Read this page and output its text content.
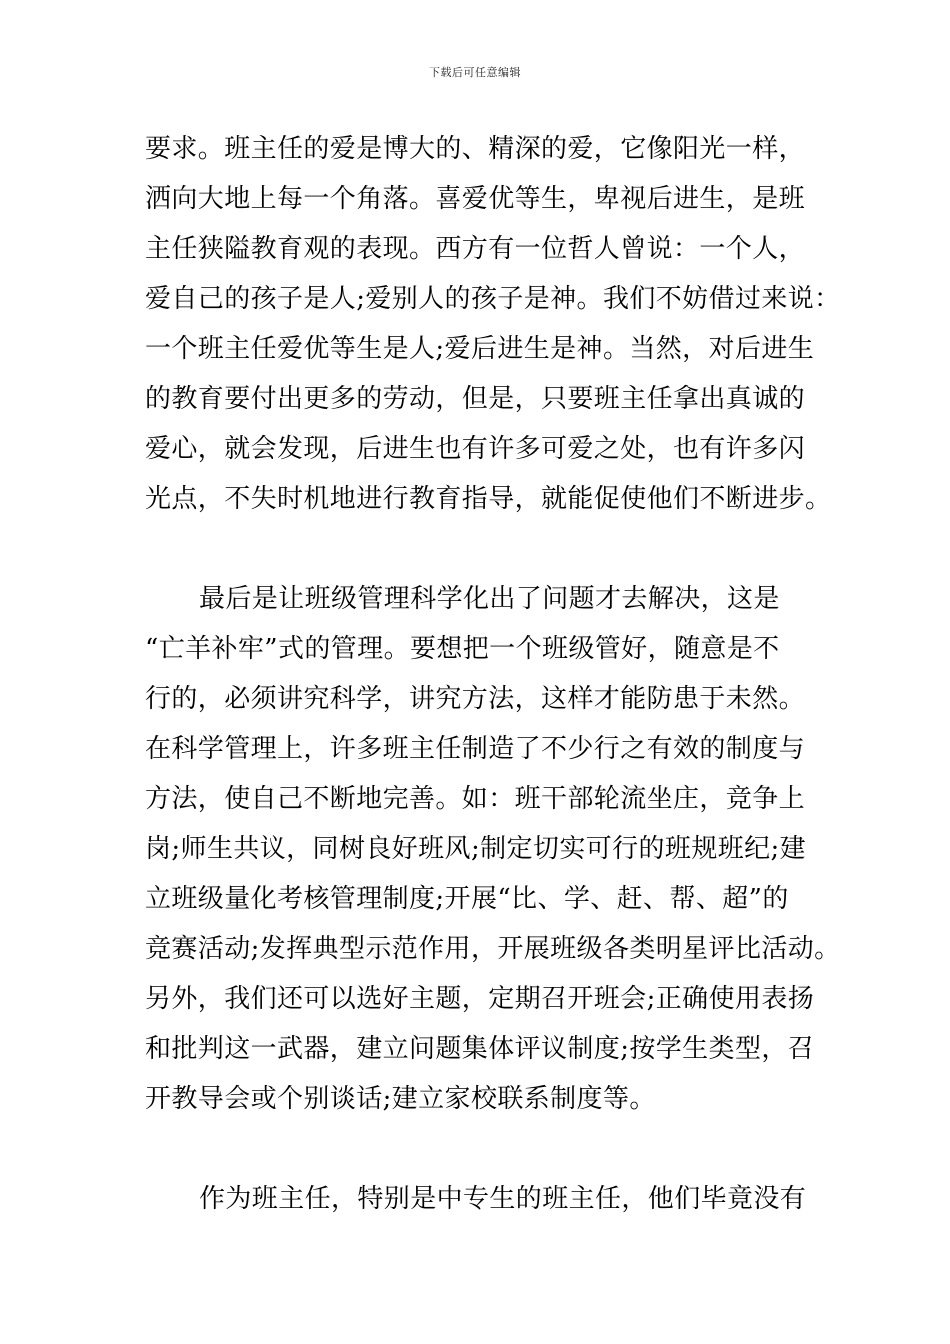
下载后可任意编辑
要求。班主任的爱是博大的、精深的爱，它像阳光一样，
洒向大地上每一个角落。喜爱优等生，卑视后进生，是班
主任狭隘教育观的表现。西方有一位哲人曾说：一个人，
爱自己的孩子是人;爱别人的孩子是神。我们不妨借过来说：
一个班主任爱优等生是人;爱后进生是神。当然，对后进生
的教育要付出更多的劳动，但是，只要班主任拿出真诚的
爱心，就会发现，后进生也有许多可爱之处，也有许多闪
光点，不失时机地进行教育指导，就能促使他们不断进步。
最后是让班级管理科学化出了问题才去解决，这是
“亡羊补牢”式的管理。要想把一个班级管好，随意是不
行的，必须讲究科学，讲究方法，这样才能防患于未然。
在科学管理上，许多班主任制造了不少行之有效的制度与
方法，使自己不断地完善。如：班干部轮流坐庄，竞争上
岗;师生共议，同树良好班风;制定切实可行的班规班纪;建
立班级量化考核管理制度;开展“比、学、赶、帮、超”的
竞赛活动;发挥典型示范作用，开展班级各类明星评比活动。
另外，我们还可以选好主题，定期召开班会;正确使用表扬
和批判这一武器，建立问题集体评议制度;按学生类型，召
开教导会或个别谈话;建立家校联系制度等。
作为班主任，特别是中专生的班主任，他们毕竟没有
